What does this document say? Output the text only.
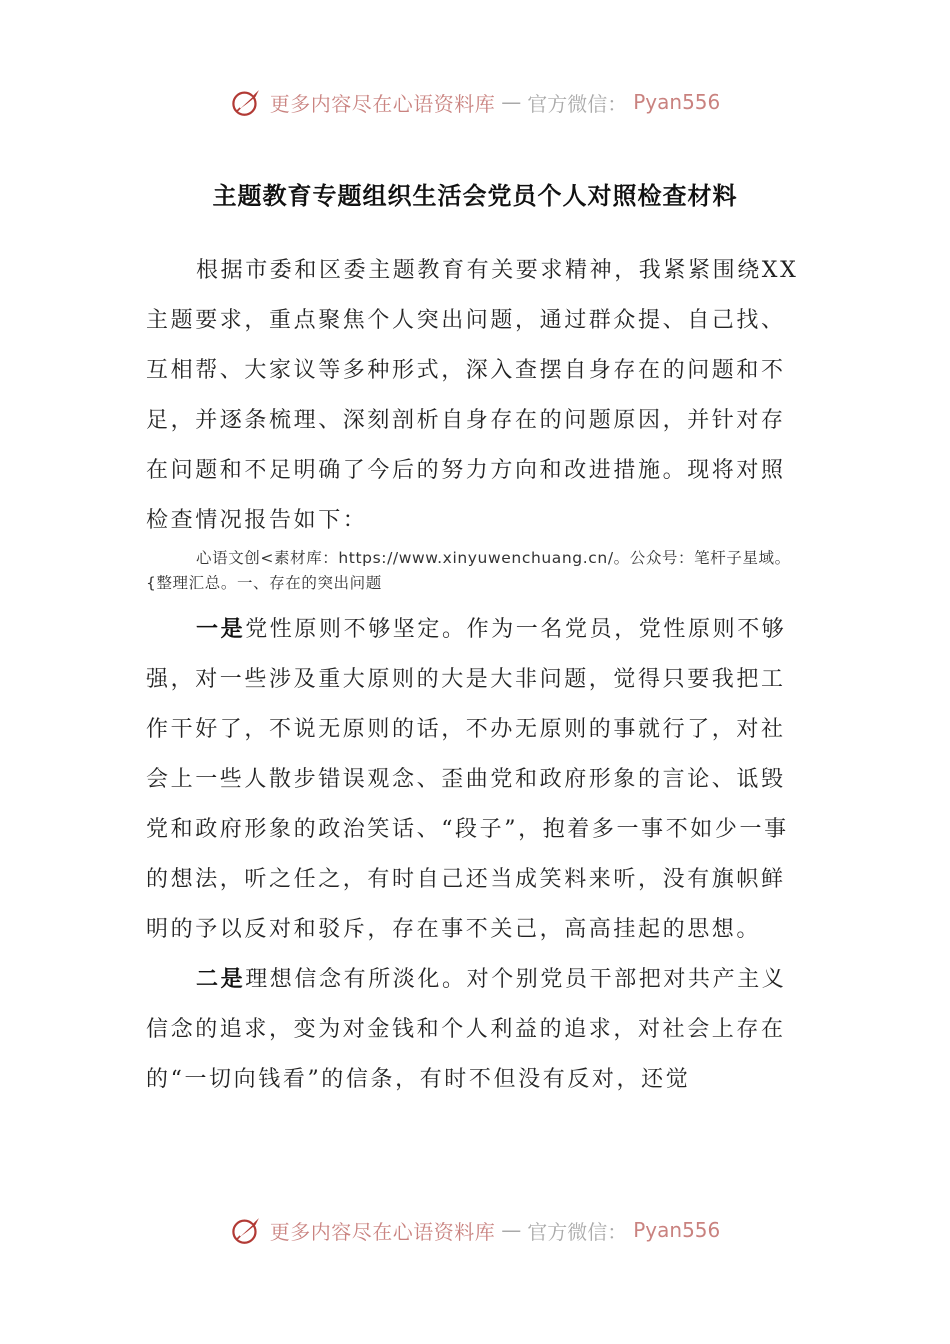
更多内容尽在心语资料库 — 官方微信： Pyan556
主题教育专题组织生活会党员个人对照检查材料

根据市委和区委主题教育有关要求精神，我紧紧围绕XX主题要求，重点聚焦个人突出问题，通过群众提、自己找、互相帮、大家议等多种形式，深入查摆自身存在的问题和不足，并逐条梳理、深刻剖析自身存在的问题原因，并针对存在问题和不足明确了今后的努力方向和改进措施。现将对照检查情况报告如下：

心语文创<素材库：https://www.xinyuwenchuang.cn/。公众号：笔杆子星域。{整理汇总。一、存在的突出问题

一是党性原则不够坚定。作为一名党员，党性原则不够强，对一些涉及重大原则的大是大非问题，觉得只要我把工作干好了，不说无原则的话，不办无原则的事就行了，对社会上一些人散步错误观念、歪曲党和政府形象的言论、诋毁党和政府形象的政治笑话、“段子”，抱着多一事不如少一事的想法，听之任之，有时自己还当成笑料来听，没有旗帜鲜明的予以反对和驳斥，存在事不关己，高高挂起的思想。

二是理想信念有所淡化。对个别党员干部把对共产主义信念的追求，变为对金钱和个人利益的追求，对社会上存在的“一切向钱看”的信条，有时不但没有反对，还觉

更多内容尽在心语资料库 — 官方微信： Pyan556
